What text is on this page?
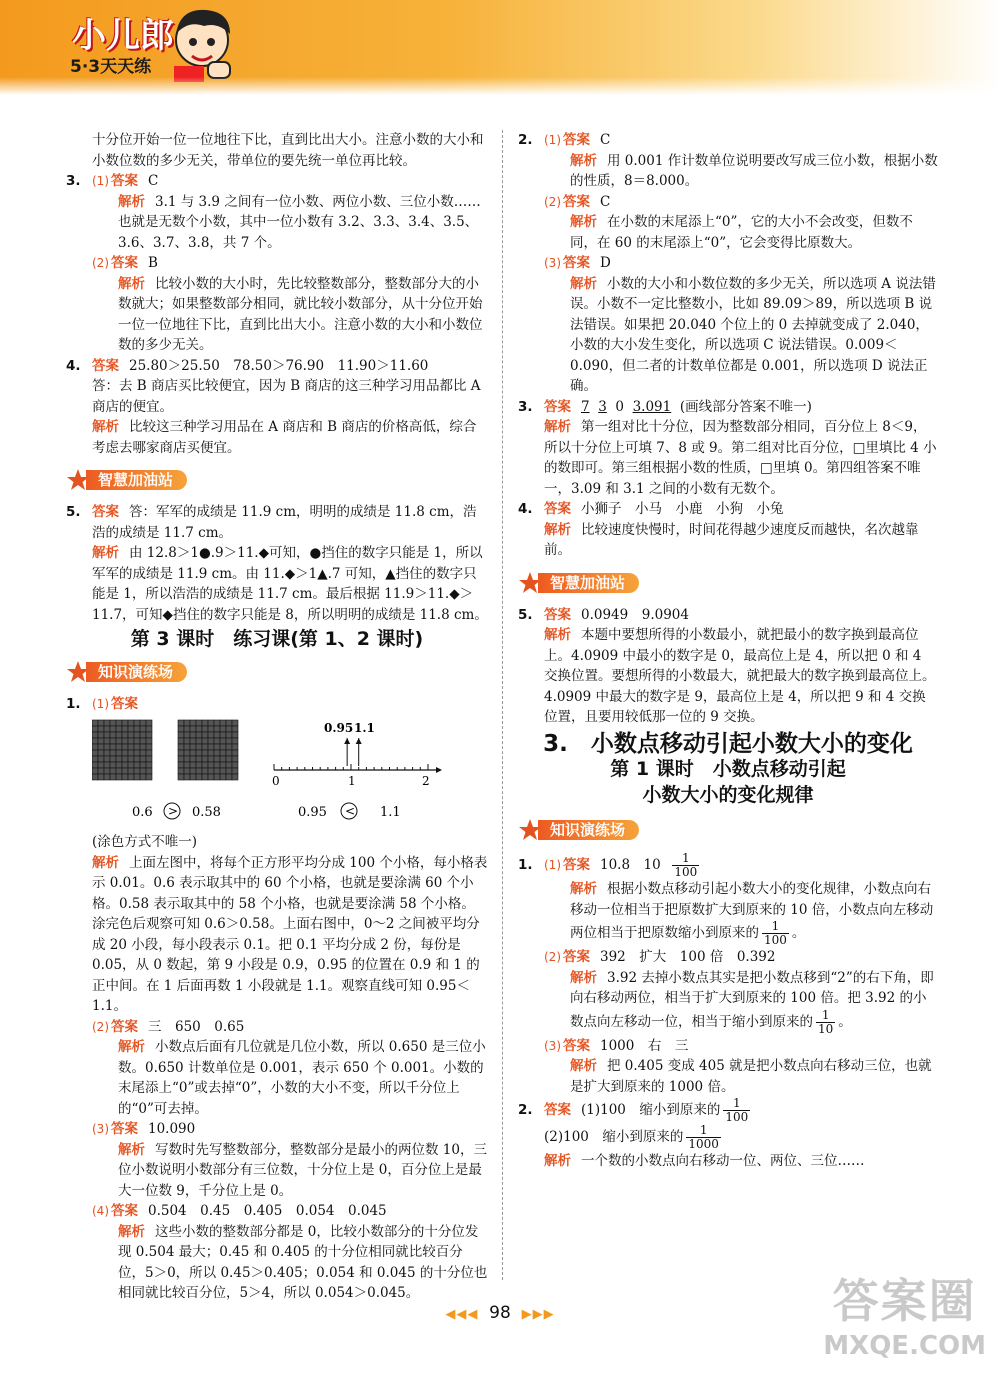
小儿郎
5·3天天练

十分位开始一位一位地往下比，直到比出大小。注意小数的大小和小数位数的多少无关，带单位的要先统一单位再比较。

3. (1) 答案 C

解析 3.1 与 3.9 之间有一位小数、两位小数、三位小数……也就是无数个小数，其中一位小数有 3.2、3.3、3.4、3.5、3.6、3.7、3.8，共 7 个。

(2) 答案 B

解析 比较小数的大小时，先比较整数部分，整数部分大的小数就大；如果整数部分相同，就比较小数部分，从十分位开始一位一位地往下比，直到比出大小。注意小数的大小和小数位数的多少无关。

4. 答案 25.80＞25.50　78.50＞76.90　11.90＞11.60

答：去 B 商店买比较便宜，因为 B 商店的这三种学习用品都比 A 商店的便宜。

解析 比较这三种学习用品在 A 商店和 B 商店的价格高低，综合考虑去哪家商店买便宜。

智慧加油站

5. 答案 答：军军的成绩是 11.9 cm，明明的成绩是 11.8 cm，浩浩的成绩是 11.7 cm。

解析 由 12.8＞1●.9＞11.◆可知，●挡住的数字只能是 1，所以军军的成绩是 11.9 cm。由 11.◆＞1▲.7 可知，▲挡住的数字只能是 1，所以浩浩的成绩是 11.7 cm。最后根据 11.9＞11.◆＞11.7，可知◆挡住的数字只能是 8，所以明明的成绩是 11.8 cm。

第 3 课时　练习课(第 1、2 课时)
知识演练场

1. (1) 答案

0.6 > 0.58
0	1	2
0.95 1.1
0.95 < 1.1

(涂色方式不唯一)

解析 上面左图中，将每个正方形平均分成 100 个小格，每小格表示 0.01。0.6 表示取其中的 60 个小格，也就是要涂满 60 个小格。0.58 表示取其中的 58 个小格，也就是要涂满 58 个小格。涂完色后观察可知 0.6＞0.58。上面右图中，0～2 之间被平均分成 20 小段，每小段表示 0.1。把 0.1 平均分成 2 份，每份是 0.05，从 0 数起，第 9 小段是 0.9，0.95 的位置在 0.9 和 1 的正中间。在 1 后面再数 1 小段就是 1.1。观察直线可知 0.95＜1.1。

(2) 答案 三　650　0.65

解析 小数点后面有几位就是几位小数，所以 0.650 是三位小数。0.650 计数单位是 0.001，表示 650 个 0.001。小数的末尾添上“0”或去掉“0”，小数的大小不变，所以千分位上的“0”可去掉。

(3) 答案 10.090

解析 写数时先写整数部分，整数部分是最小的两位数 10，三位小数说明小数部分有三位数，十分位上是 0，百分位上是最大一位数 9，千分位上是 0。

(4) 答案 0.504　0.45　0.405　0.054　0.045

解析 这些小数的整数部分都是 0，比较小数部分的十分位发现 0.504 最大；0.45 和 0.405 的十分位相同就比较百分位，5＞0，所以 0.45＞0.405；0.054 和 0.045 的十分位也相同就比较百分位，5＞4，所以 0.054＞0.045。

2. (1) 答案 C

解析 用 0.001 作计数单位说明要改写成三位小数，根据小数的性质，8＝8.000。

(2) 答案 C

解析 在小数的末尾添上“0”，它的大小不会改变，但数不同，在 60 的末尾添上“0”，它会变得比原数大。

(3) 答案 D

解析 小数的大小和小数位数的多少无关，所以选项 A 说法错误。小数不一定比整数小，比如 89.09＞89，所以选项 B 说法错误。如果把 20.040 个位上的 0 去掉就变成了 2.040，小数的大小发生变化，所以选项 C 说法错误。0.009＜0.090，但二者的计数单位都是 0.001，所以选项 D 说法正确。

3. 答案 7 3 0 3.091 (画线部分答案不唯一)

解析 第一组对比十分位，因为整数部分相同，百分位上 8＜9，所以十分位上可填 7、8 或 9。第二组对比百分位，□里填比 4 小的数即可。第三组根据小数的性质，□里填 0。第四组答案不唯一，3.09 和 3.1 之间的小数有无数个。

4. 答案 小狮子　小马　小鹿　小狗　小兔

解析 比较速度快慢时，时间花得越少速度反而越快，名次越靠前。

智慧加油站

5. 答案 0.0949　9.0904

解析 本题中要想所得的小数最小，就把最小的数字换到最高位上。4.0909 中最小的数字是 0，最高位上是 4，所以把 0 和 4 交换位置。要想所得的小数最大，就把最大的数字换到最高位上。4.0909 中最大的数字是 9，最高位上是 4，所以把 9 和 4 交换位置，且要用较低那一位的 9 交换。

3.　小数点移动引起小数大小的变化
第 1 课时　小数点移动引起
小数大小的变化规律
知识演练场

1. (1) 答案 10.8　$10 \frac{1}{100}$

解析 根据小数点移动引起小数大小的变化规律，小数点向右移动一位相当于把原数扩大到原来的 10 倍，小数点向左移动两位相当于把原数缩小到原来的 $\frac{1}{100}$ 。

(2) 答案 392　扩大　100 倍　0.392

解析 3.92 去掉小数点其实是把小数点移到“2”的右下角，即向右移动两位，相当于扩大到原来的 100 倍。把 3.92 的小数点向左移动一位，相当于缩小到原来的 $\frac{1}{10}$ 。

(3) 答案 1000　右　三

解析 把 0.405 变成 405 就是把小数点向右移动三位，也就是扩大到原来的 1000 倍。

2. 答案 (1)100　缩小到原来的 $\frac{1}{100}$

(2)100　缩小到原来的 $\frac{1}{1000}$

解析 一个数的小数点向右移动一位、两位、三位……

◀◀◀ 98 ▶▶▶	答案圈
MXQE.COM
